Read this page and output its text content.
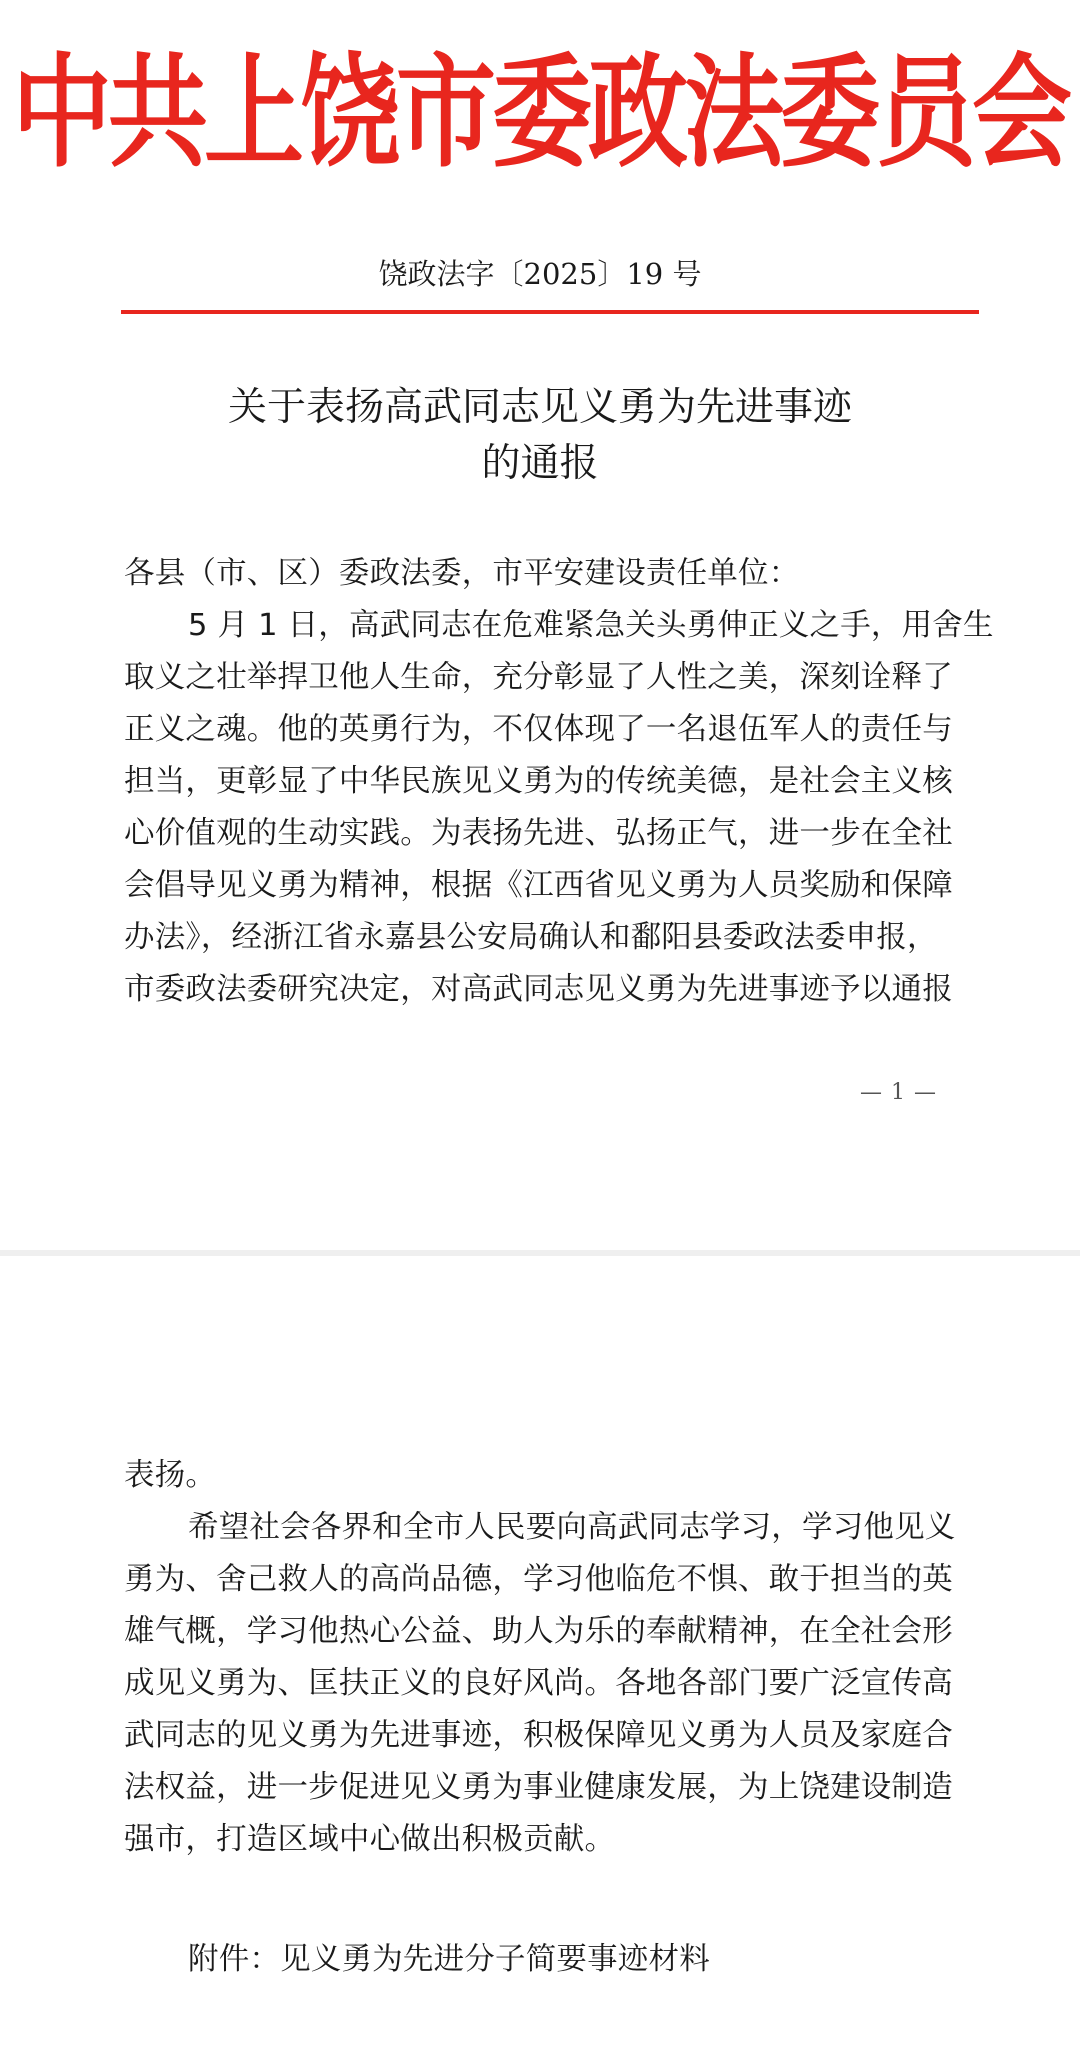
中共上饶市委政法委员会
饶政法字〔2025〕19 号
关于表扬高武同志见义勇为先进事迹
的通报
各县（市、区）委政法委，市平安建设责任单位：
5 月 1 日，高武同志在危难紧急关头勇伸正义之手，用舍生
取义之壮举捍卫他人生命，充分彰显了人性之美，深刻诠释了
正义之魂。他的英勇行为，不仅体现了一名退伍军人的责任与
担当，更彰显了中华民族见义勇为的传统美德，是社会主义核
心价值观的生动实践。为表扬先进、弘扬正气，进一步在全社
会倡导见义勇为精神，根据《江西省见义勇为人员奖励和保障
办法》，经浙江省永嘉县公安局确认和鄱阳县委政法委申报，
市委政法委研究决定，对高武同志见义勇为先进事迹予以通报
— 1 —
表扬。
希望社会各界和全市人民要向高武同志学习，学习他见义
勇为、舍己救人的高尚品德，学习他临危不惧、敢于担当的英
雄气概，学习他热心公益、助人为乐的奉献精神，在全社会形
成见义勇为、匡扶正义的良好风尚。各地各部门要广泛宣传高
武同志的见义勇为先进事迹，积极保障见义勇为人员及家庭合
法权益，进一步促进见义勇为事业健康发展，为上饶建设制造
强市，打造区域中心做出积极贡献。
附件：见义勇为先进分子简要事迹材料
